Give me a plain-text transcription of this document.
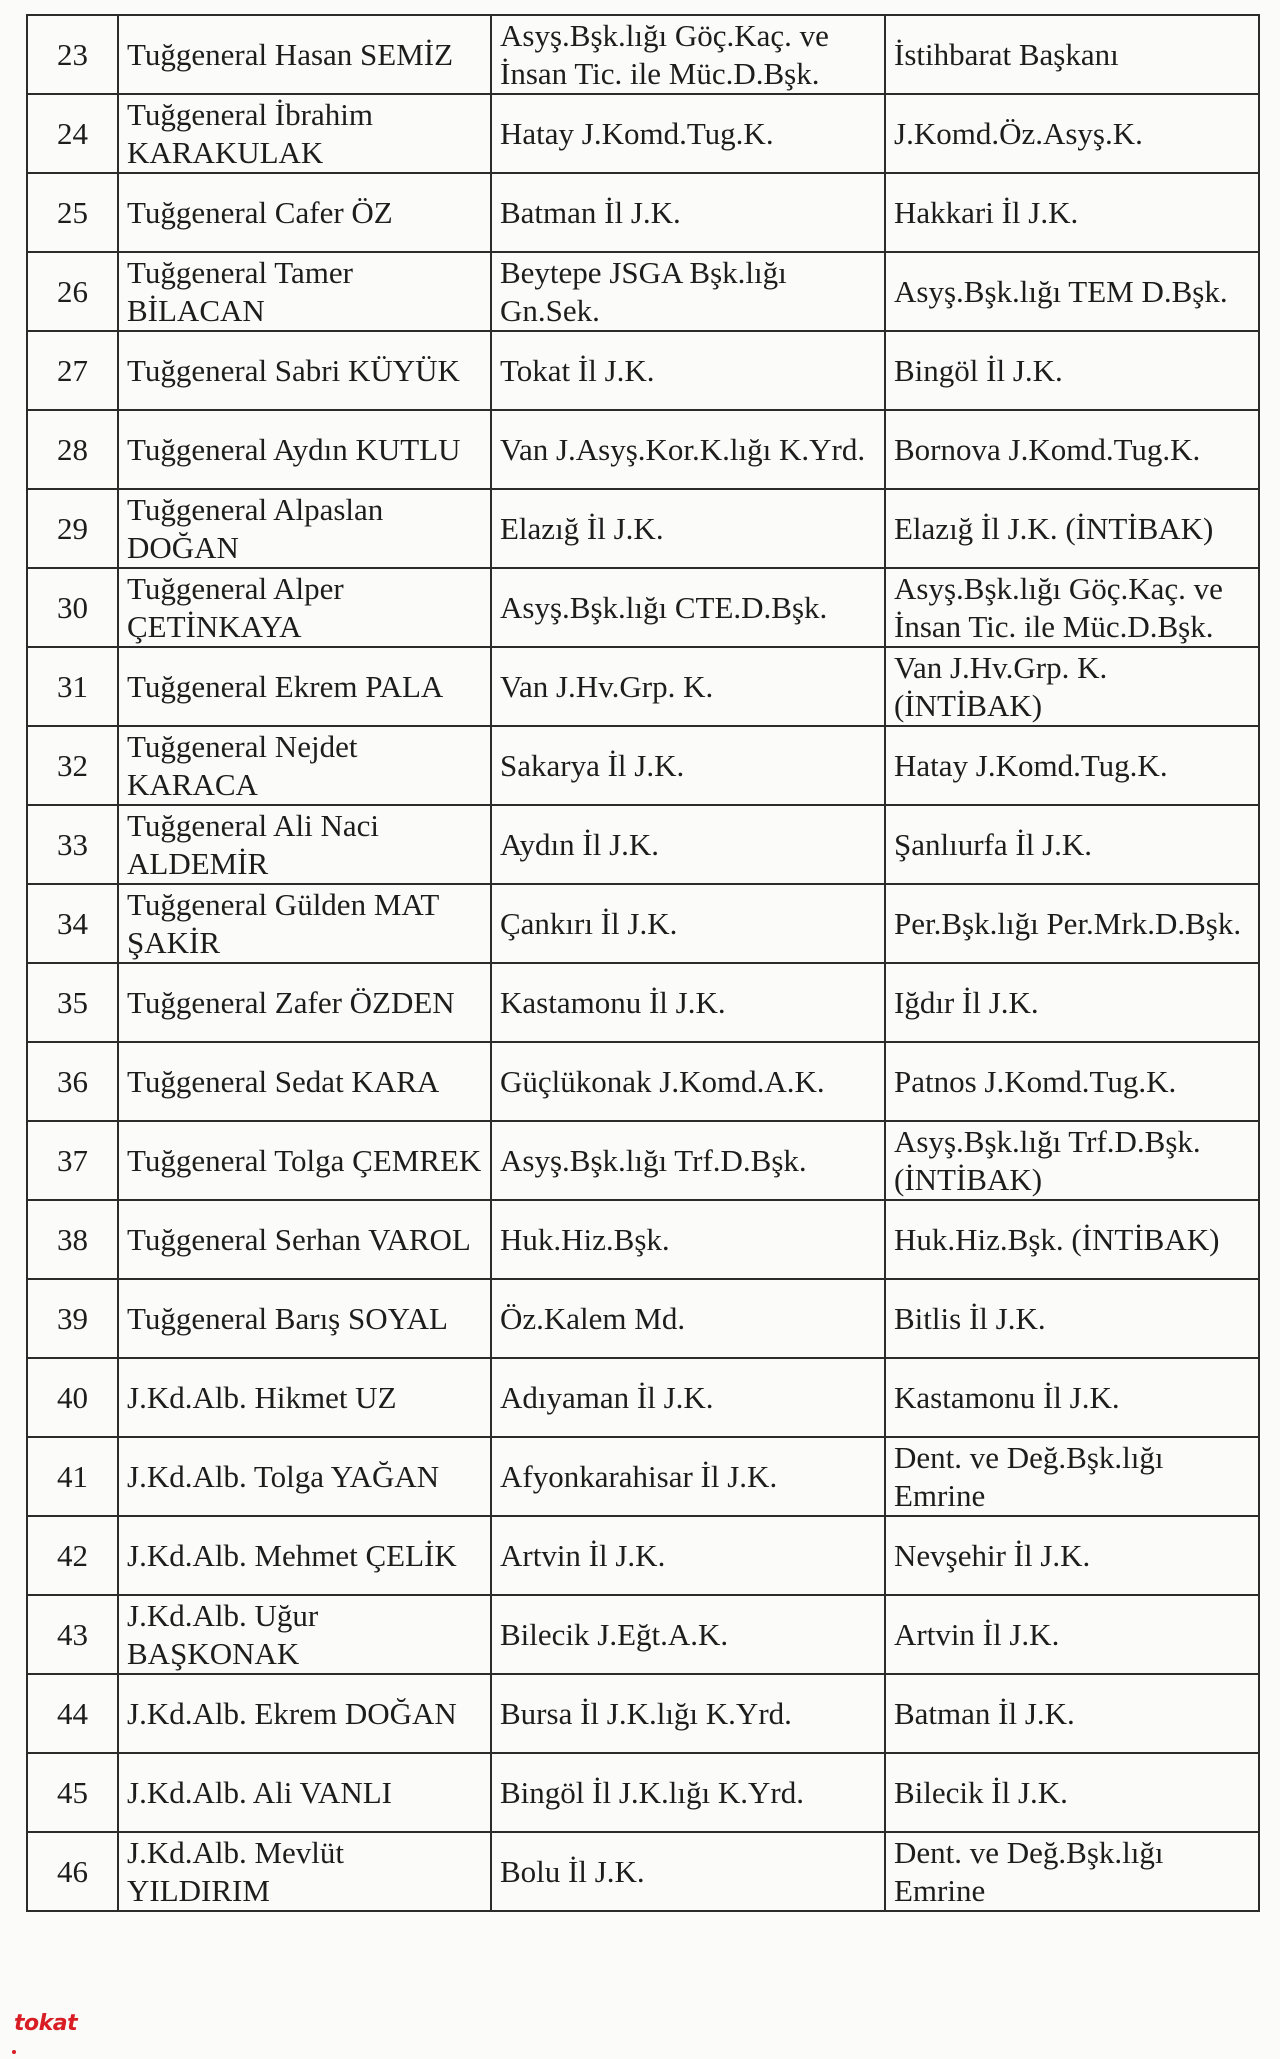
23	Tuğgeneral Hasan SEMİZ	Asyş.Bşk.lığı Göç.Kaç. ve İnsan Tic. ile Müc.D.Bşk.	İstihbarat Başkanı
24	Tuğgeneral İbrahim KARAKULAK	Hatay J.Komd.Tug.K.	J.Komd.Öz.Asyş.K.
25	Tuğgeneral Cafer ÖZ	Batman İl J.K.	Hakkari İl J.K.
26	Tuğgeneral Tamer BİLACAN	Beytepe JSGA Bşk.lığı Gn.Sek.	Asyş.Bşk.lığı TEM D.Bşk.
27	Tuğgeneral Sabri KÜYÜK	Tokat İl J.K.	Bingöl İl J.K.
28	Tuğgeneral Aydın KUTLU	Van J.Asyş.Kor.K.lığı K.Yrd.	Bornova J.Komd.Tug.K.
29	Tuğgeneral Alpaslan DOĞAN	Elazığ İl J.K.	Elazığ İl J.K. (İNTİBAK)
30	Tuğgeneral Alper ÇETİNKAYA	Asyş.Bşk.lığı CTE.D.Bşk.	Asyş.Bşk.lığı Göç.Kaç. ve İnsan Tic. ile Müc.D.Bşk.
31	Tuğgeneral Ekrem PALA	Van J.Hv.Grp. K.	Van J.Hv.Grp. K. (İNTİBAK)
32	Tuğgeneral Nejdet KARACA	Sakarya İl J.K.	Hatay J.Komd.Tug.K.
33	Tuğgeneral Ali Naci ALDEMİR	Aydın İl J.K.	Şanlıurfa İl J.K.
34	Tuğgeneral Gülden MAT ŞAKİR	Çankırı İl J.K.	Per.Bşk.lığı Per.Mrk.D.Bşk.
35	Tuğgeneral Zafer ÖZDEN	Kastamonu İl J.K.	Iğdır İl J.K.
36	Tuğgeneral Sedat KARA	Güçlükonak J.Komd.A.K.	Patnos J.Komd.Tug.K.
37	Tuğgeneral Tolga ÇEMREK	Asyş.Bşk.lığı Trf.D.Bşk.	Asyş.Bşk.lığı Trf.D.Bşk. (İNTİBAK)
38	Tuğgeneral Serhan VAROL	Huk.Hiz.Bşk.	Huk.Hiz.Bşk. (İNTİBAK)
39	Tuğgeneral Barış SOYAL	Öz.Kalem Md.	Bitlis İl J.K.
40	J.Kd.Alb. Hikmet UZ	Adıyaman İl J.K.	Kastamonu İl J.K.
41	J.Kd.Alb. Tolga YAĞAN	Afyonkarahisar İl J.K.	Dent. ve Değ.Bşk.lığı Emrine
42	J.Kd.Alb. Mehmet ÇELİK	Artvin İl J.K.	Nevşehir İl J.K.
43	J.Kd.Alb. Uğur BAŞKONAK	Bilecik J.Eğt.A.K.	Artvin İl J.K.
44	J.Kd.Alb. Ekrem DOĞAN	Bursa İl J.K.lığı K.Yrd.	Batman İl J.K.
45	J.Kd.Alb. Ali VANLI	Bingöl İl J.K.lığı K.Yrd.	Bilecik İl J.K.
46	J.Kd.Alb. Mevlüt YILDIRIM	Bolu İl J.K.	Dent. ve Değ.Bşk.lığı Emrine
tokat
